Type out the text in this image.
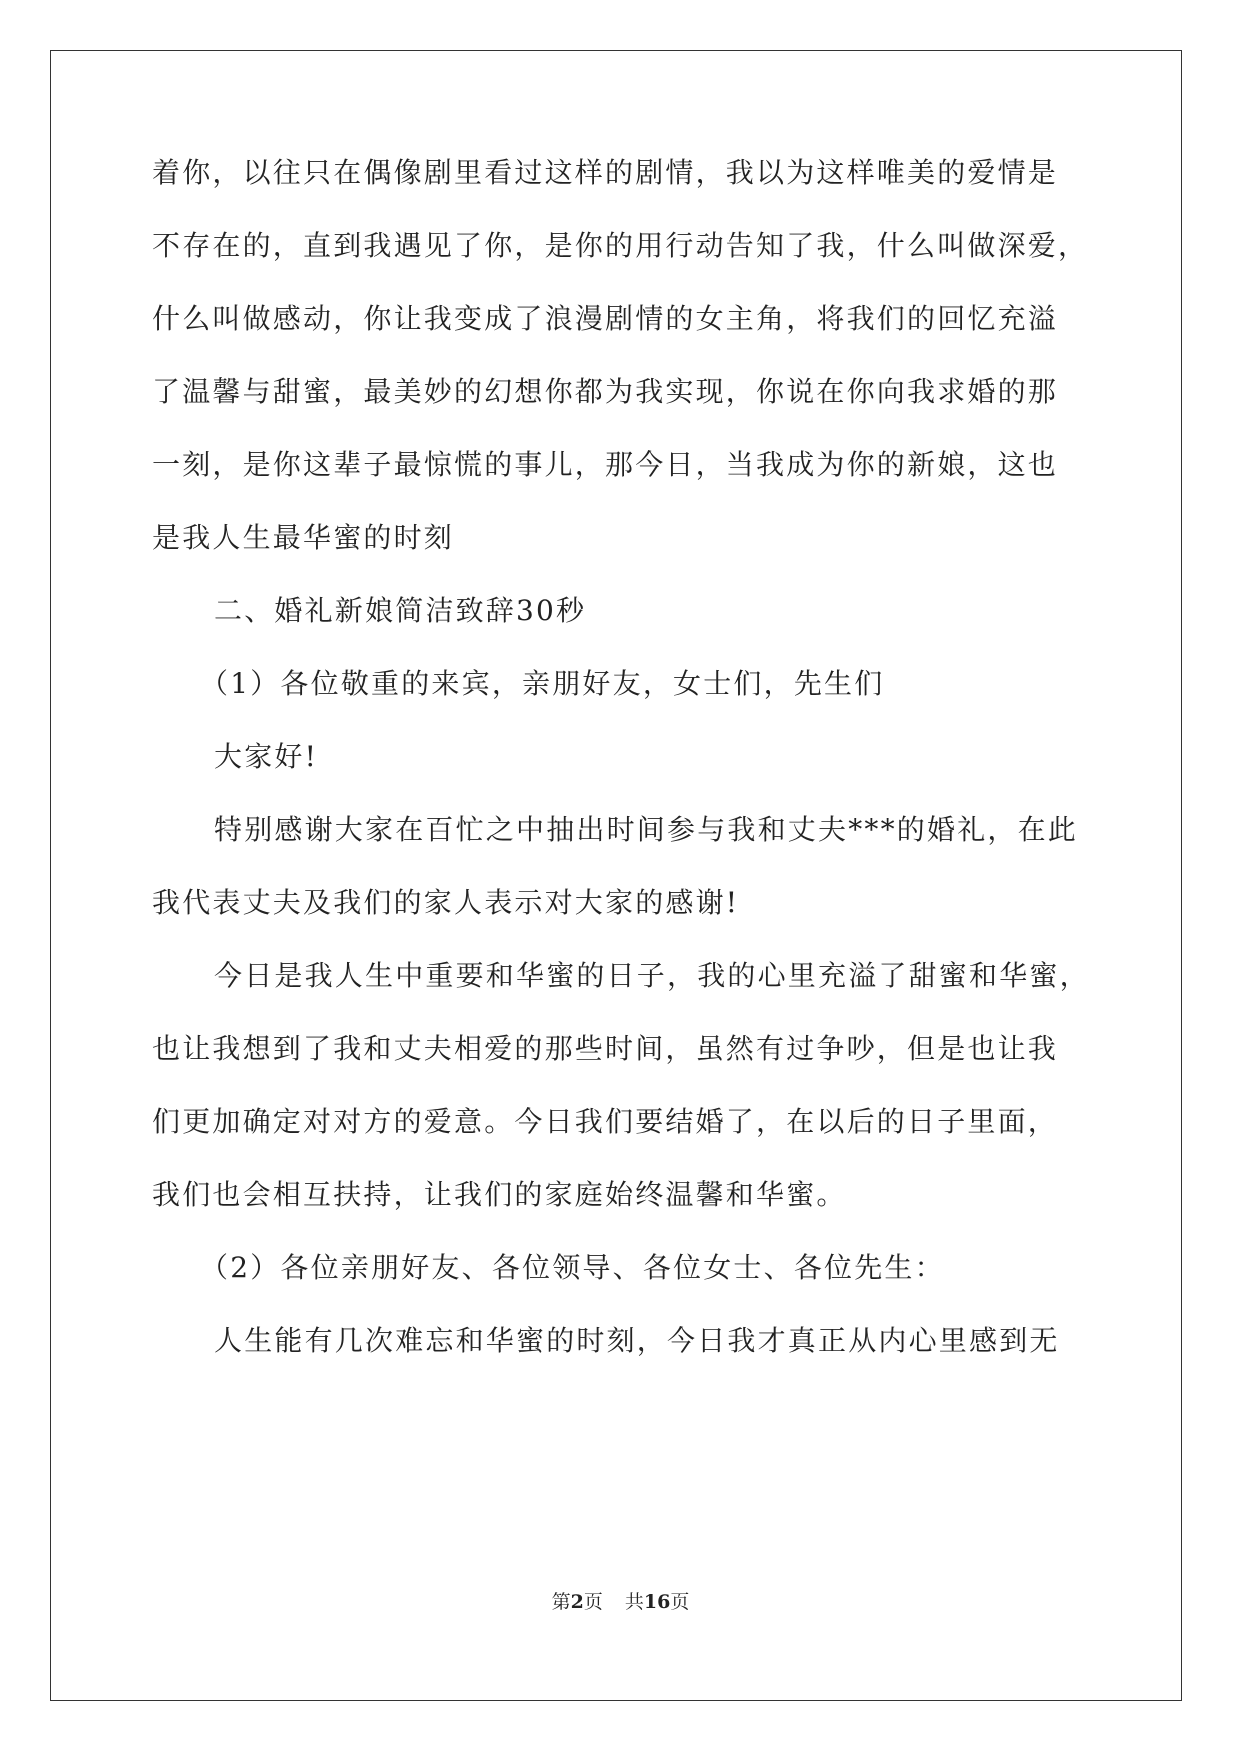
着你，以往只在偶像剧里看过这样的剧情，我以为这样唯美的爱情是
不存在的，直到我遇见了你，是你的用行动告知了我，什么叫做深爱，
什么叫做感动，你让我变成了浪漫剧情的女主角，将我们的回忆充溢
了温馨与甜蜜，最美妙的幻想你都为我实现，你说在你向我求婚的那
一刻，是你这辈子最惊慌的事儿，那今日，当我成为你的新娘，这也
是我人生最华蜜的时刻
二、婚礼新娘简洁致辞30秒
（1）各位敬重的来宾，亲朋好友，女士们，先生们
大家好!
特别感谢大家在百忙之中抽出时间参与我和丈夫***的婚礼，在此
我代表丈夫及我们的家人表示对大家的感谢!
今日是我人生中重要和华蜜的日子，我的心里充溢了甜蜜和华蜜，
也让我想到了我和丈夫相爱的那些时间，虽然有过争吵，但是也让我
们更加确定对对方的爱意。今日我们要结婚了，在以后的日子里面，
我们也会相互扶持，让我们的家庭始终温馨和华蜜。
（2）各位亲朋好友、各位领导、各位女士、各位先生：
人生能有几次难忘和华蜜的时刻，今日我才真正从内心里感到无
第2页 共16页
